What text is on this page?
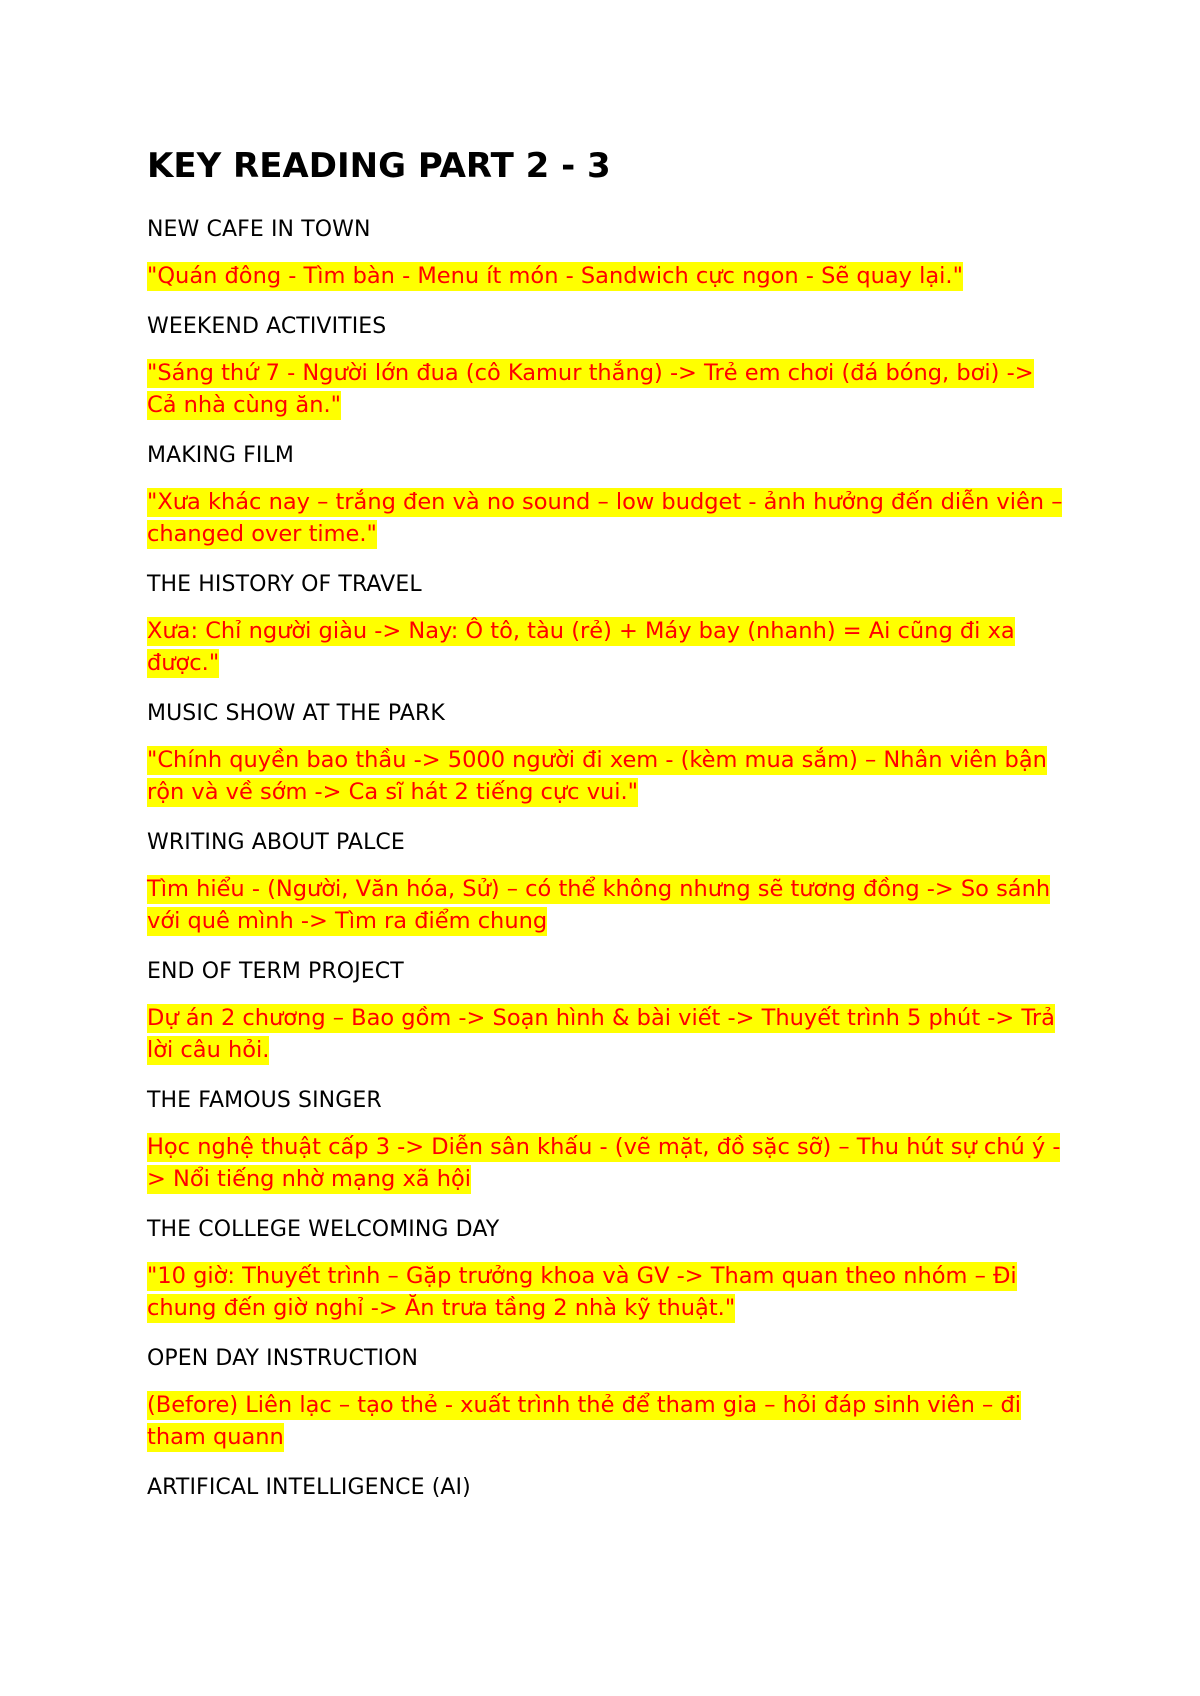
KEY READING PART 2 - 3
NEW CAFE IN TOWN
"Quán đông - Tìm bàn - Menu ít món - Sandwich cực ngon - Sẽ quay lại."
WEEKEND ACTIVITIES
"Sáng thứ 7 - Người lớn đua (cô Kamur thắng) -> Trẻ em chơi (đá bóng, bơi) -> Cả nhà cùng ăn."
MAKING FILM
"Xưa khác nay – trắng đen và no sound – low budget - ảnh hưởng đến diễn viên – changed over time."
THE HISTORY OF TRAVEL
Xưa: Chỉ người giàu -> Nay: Ô tô, tàu (rẻ) + Máy bay (nhanh) = Ai cũng đi xa được."
MUSIC SHOW AT THE PARK
"Chính quyền bao thầu -> 5000 người đi xem - (kèm mua sắm) – Nhân viên bận rộn và về sớm -> Ca sĩ hát 2 tiếng cực vui."
WRITING ABOUT PALCE
Tìm hiểu - (Người, Văn hóa, Sử) – có thể không nhưng sẽ tương đồng -> So sánh với quê mình -> Tìm ra điểm chung
END OF TERM PROJECT
Dự án 2 chương – Bao gồm -> Soạn hình & bài viết -> Thuyết trình 5 phút -> Trả lời câu hỏi.
THE FAMOUS SINGER
Học nghệ thuật cấp 3 -> Diễn sân khấu - (vẽ mặt, đồ sặc sỡ) – Thu hút sự chú ý -> Nổi tiếng nhờ mạng xã hội
THE COLLEGE WELCOMING DAY
"10 giờ: Thuyết trình – Gặp trưởng khoa và GV -> Tham quan theo nhóm – Đi chung đến giờ nghỉ -> Ăn trưa tầng 2 nhà kỹ thuật."
OPEN DAY INSTRUCTION
(Before) Liên lạc – tạo thẻ - xuất trình thẻ để tham gia – hỏi đáp sinh viên – đi tham quann
ARTIFICAL INTELLIGENCE (AI)
